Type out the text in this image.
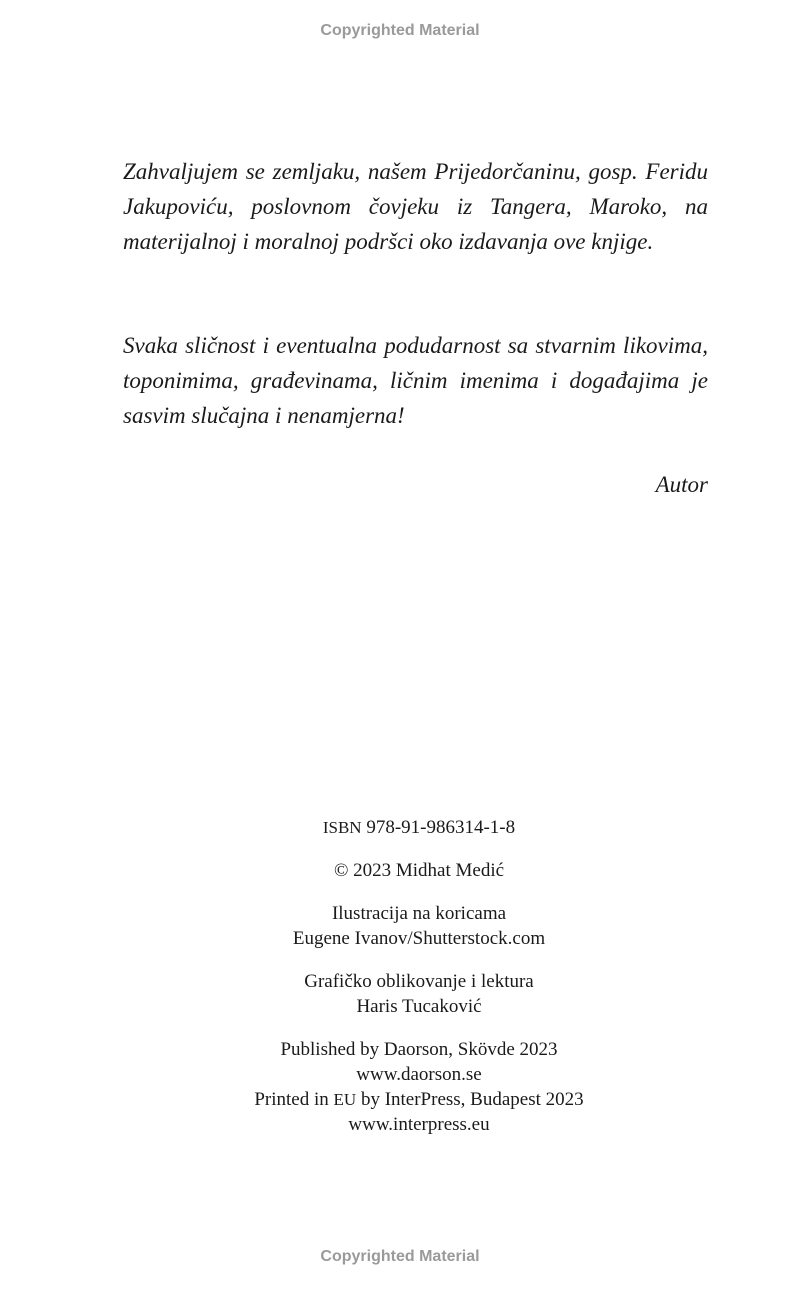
Copyrighted Material

Zahvaljujem se zemljaku, našem Prijedorčaninu, gosp. Feridu Jakupoviću, poslovnom čovjeku iz Tangera, Maroko, na materijalnoj i moralnoj podršci oko izdavanja ove knjige.

Svaka sličnost i eventualna podudarnost sa stvarnim likovima, toponimima, građevinama, ličnim imenima i događajima je sasvim slučajna i nenamjerna!

Autor
ISBN 978-91-986314-1-8
© 2023 Midhat Medić
Ilustracija na koricama
Eugene Ivanov/Shutterstock.com
Grafičko oblikovanje i lektura
Haris Tucaković
Published by Daorson, Skövde 2023
www.daorson.se
Printed in EU by InterPress, Budapest 2023
www.interpress.eu
Copyrighted Material
